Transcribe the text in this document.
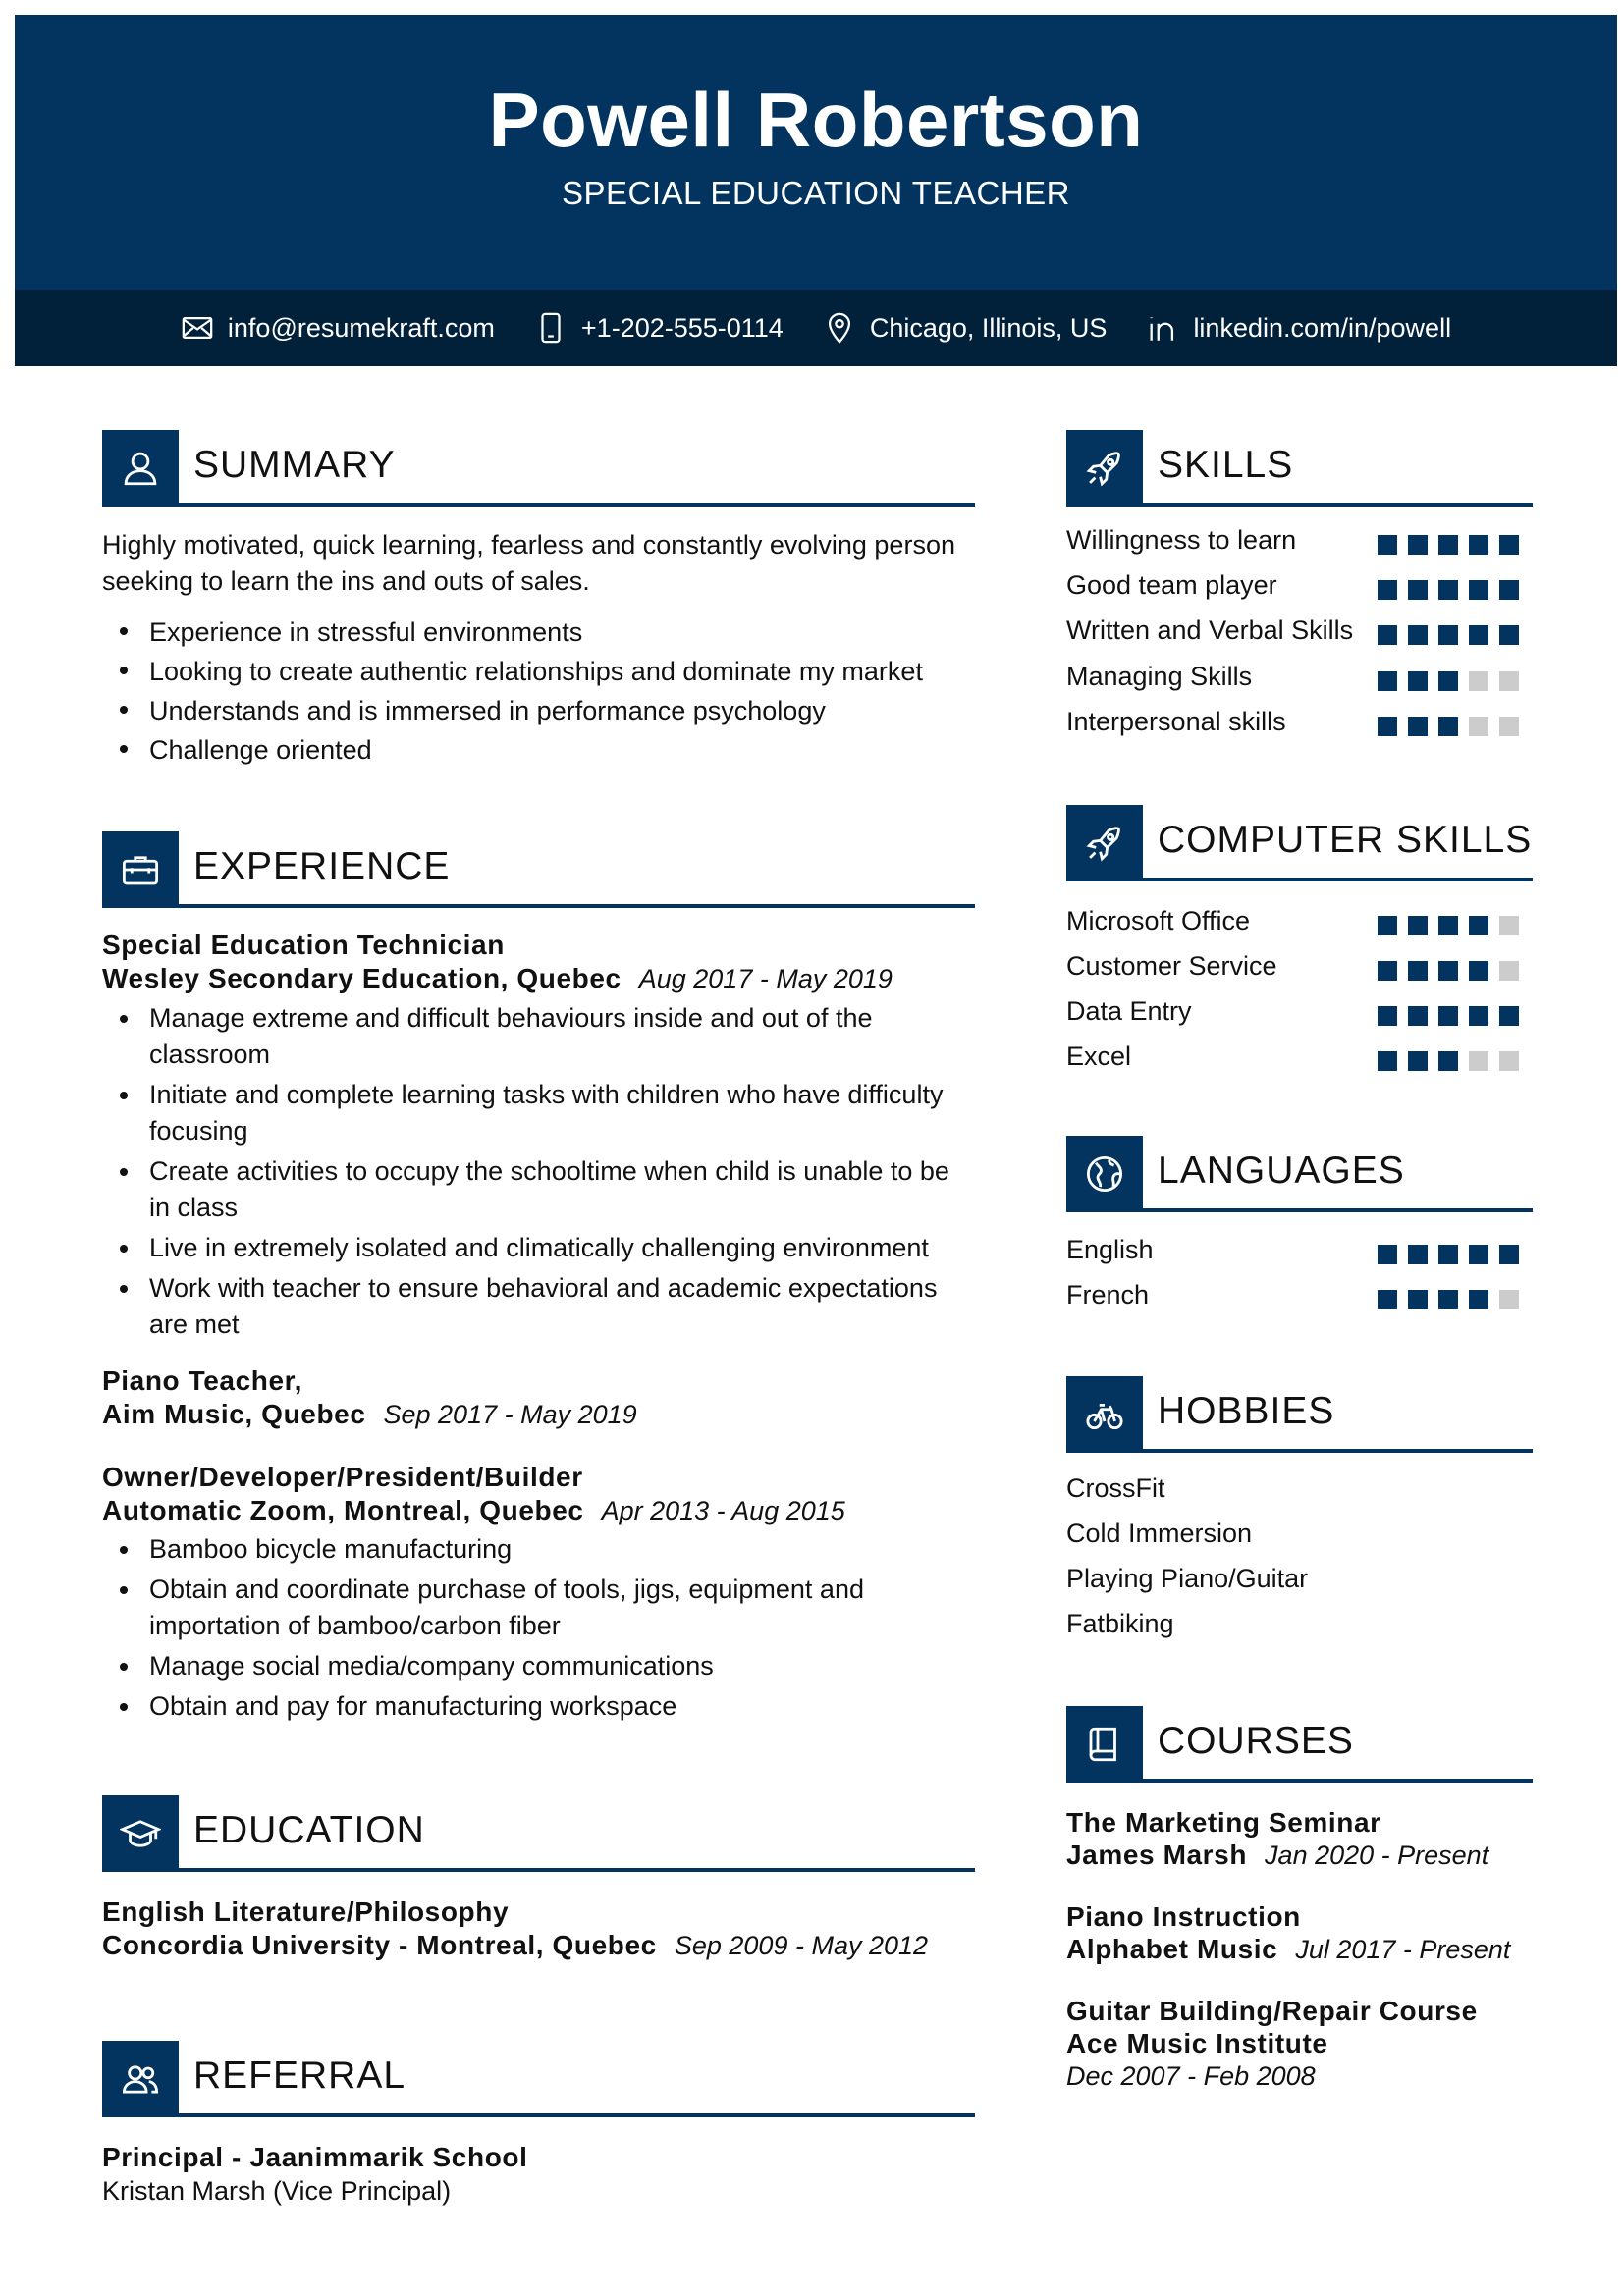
Powell Robertson
SPECIAL EDUCATION TEACHER
info@resumekraft.com	+1-202-555-0114	Chicago, Illinois, US	linkedin.com/in/powell
SUMMARY
Highly motivated, quick learning, fearless and constantly evolving person
seeking to learn the ins and outs of sales.
Experience in stressful environments
Looking to create authentic relationships and dominate my market
Understands and is immersed in performance psychology
Challenge oriented
EXPERIENCE
Special Education Technician
Wesley Secondary Education, Quebec Aug 2017 - May 2019
Manage extreme and difficult behaviours inside and out of the classroom
Initiate and complete learning tasks with children who have difficulty focusing
Create activities to occupy the schooltime when child is unable to be in class
Live in extremely isolated and climatically challenging environment
Work with teacher to ensure behavioral and academic expectations are met
Piano Teacher,
Aim Music, Quebec Sep 2017 - May 2019
Owner/Developer/President/Builder
Automatic Zoom, Montreal, Quebec Apr 2013 - Aug 2015
Bamboo bicycle manufacturing
Obtain and coordinate purchase of tools, jigs, equipment and importation of bamboo/carbon fiber
Manage social media/company communications
Obtain and pay for manufacturing workspace
EDUCATION
English Literature/Philosophy
Concordia University - Montreal, Quebec Sep 2009 - May 2012
REFERRAL
Principal - Jaanimmarik School
Kristan Marsh (Vice Principal)
SKILLS
Willingness to learn
Good team player
Written and Verbal Skills
Managing Skills
Interpersonal skills
COMPUTER SKILLS
Microsoft Office
Customer Service
Data Entry
Excel
LANGUAGES
English
French
HOBBIES
CrossFit
Cold Immersion
Playing Piano/Guitar
Fatbiking
COURSES
The Marketing Seminar
James Marsh Jan 2020 - Present
Piano Instruction
Alphabet Music Jul 2017 - Present
Guitar Building/Repair Course
Ace Music Institute
Dec 2007 - Feb 2008
